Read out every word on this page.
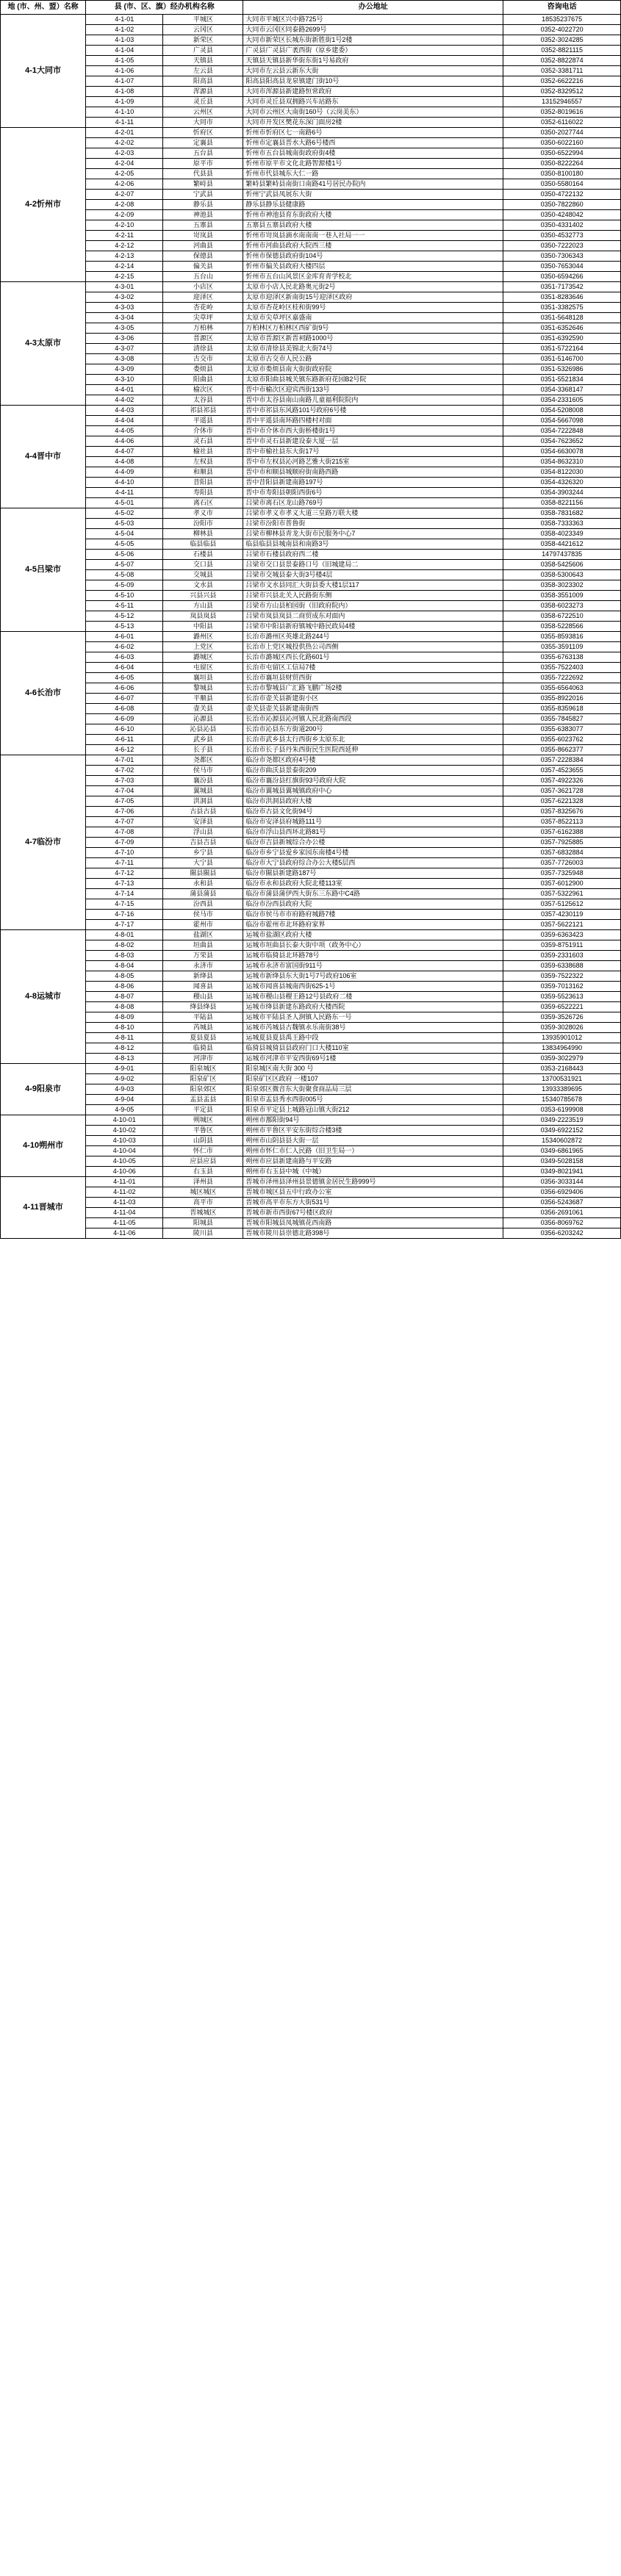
地 (市、州、盟）名称	县 (市、区、旗）经办机构名称		办公地址	咨询电话
4-1大同市	4-1-01	平城区	大同市平城区兴中路725号	18535237675
	4-1-02	云冈区	大同市云冈区同泰路2699号	0352-4022720
	4-1-03	新荣区	大同市新荣区长城东街新胜街1号2楼	0352-3024285
	4-1-04	广灵县	广灵县广灵县广袤西街（原乡建委）	0352-8821115
	4-1-05	天镇县	天镇县天镇县新华街东街1号易政府	0352-8822874
	4-1-06	左云县	大同市左云县云新东大街	0352-3381711
	4-1-07	阳高县	阳高县阳高县龙泉镇建门街10号	0352-6622216
	4-1-08	浑源县	大同市浑源县新建路恒常政府	0352-8329512
	4-1-09	灵丘县	大同市灵丘县双拥路兴车站路东	13152946557
	4-1-10	云州区	大同市云州区大南街160号（云岗美东）	0352-8019616
	4-1-11	大同市	大同市开发区樊花东深门面房2楼	0352-6116022
4-2忻州市	4-2-01	忻府区	忻州市忻府区七一南路6号	0350-2027744
	4-2-02	定襄县	忻州市定襄县晋水大路6号楼西	0350-6022160
	4-2-03	五台县	忻州市五台县城南街政府街4楼	0350-6522994
	4-2-04	原平市	忻州市原平市文化北路智源楼1号	0350-8222264
	4-2-05	代县县	忻州市代县城东大仁一路	0350-8100180
	4-2-06	繁峙县	繁峙县繁峙县南街口南路41号居民办院内	0350-5580164
	4-2-07	宁武县	忻州宁武县凤展东大街	0350-4722132
	4-2-08	静乐县	静乐县静乐县健康路	0350-7822860
	4-2-09	神池县	忻州市神池县育东街政府大楼	0350-4248042
	4-2-10	五寨县	五寨县五寨县政府大楼	0350-4331402
	4-2-11	岢岚县	忻州市岢岚县滴水南南南一巷人社局一一	0350-4532773
	4-2-12	河曲县	忻州市河曲县政府大院西三楼	0350-7222023
	4-2-13	保德县	忻州市保德县政府街104号	0350-7306343
	4-2-14	偏关县	忻州市偏关县政府大楼四层	0350-7653044
	4-2-15	五台山	忻州市五台山风景区金库育青学校北	0350-6594266
4-3太原市	4-3-01	小店区	太原市小店人民北路奥元街2号	0351-7173542
	4-3-02	迎泽区	太原市迎泽区新南街15号迎泽区政府	0351-8283646
	4-3-03	杏花岭	太原市杏花岭区桂和街99号	0351-3382575
	4-3-04	尖草坪	太原市尖草坪区嘉盛南	0351-5648128
	4-3-05	万柏林	万柏林区万柏林区西矿街9号	0351-6352646
	4-3-06	晋源区	太原市晋源区新晋祠路1000号	0351-6392590
	4-3-07	清徐县	太原市清徐县美锦北大街74号	0351-5722164
	4-3-08	古交市	太原市古交市人民公路	0351-5146700
	4-3-09	娄烦县	太原市娄烦县南大街街政府院	0351-5326986
	4-3-10	阳曲县	太原市阳曲县城关镇东路新府花园B2号院	0351-5521834
	4-4-01	榆次区	晋中市榆次区迎宾西街133号	0354-3368147
	4-4-02	太谷县	晋中市太谷县南山南路儿童福利院院内	0354-2331605
4-4晋中市	4-4-03	祁县祁县	晋中市祁县东风路101号政府6号楼	0354-5208008
	4-4-04	平遥县	晋中平遥县南环路四楼村对面	0354-5667098
	4-4-05	介休市	晋中市介休市西大街桥楼街1号	0354-7222848
	4-4-06	灵石县	晋中市灵石县新建设泰大厦一层	0354-7623652
	4-4-07	榆社县	晋中市榆社县东大街17号	0354-6630078
	4-4-08	左权县	晋中市左权县沁河路艺雅大街215室	0354-8632310
	4-4-09	和顺县	晋中市和顺县城顺府街南路西路	0354-8122030
	4-4-10	昔阳县	晋中昔阳县新建南路197号	0354-4326320
	4-4-11	寿阳县	晋中市寿阳县朝阳西街6号	0354-3903244
	4-5-01	离石区	吕梁市离石区龙山路769号	0358-8221156
4-5吕梁市	4-5-02	孝义市	吕梁市孝义市孝义大道三皇路万联大楼	0358-7831682
	4-5-03	汾阳市	吕梁市汾阳市普鲁街	0358-7333363
	4-5-04	柳林县	吕梁市柳林县青龙大街市民服务中心7	0358-4023349
	4-5-05	临县临县	临县临县县城南县和南路3号	0358-4421612
	4-5-06	石楼县	吕梁市石楼县政府西二楼	14797437835
	4-5-07	交口县	吕梁市交口县景泰路口号（旧城建局二	0358-5425606
	4-5-08	交城县	吕梁市交城县泰大街3号楼4层	0358-5300643
	4-5-09	文水县	吕梁市文水县同汇大街县委大楼1层117	0358-3023302
	4-5-10	兴县兴县	吕梁市兴县北关人民路街东侧	0358-3551009
	4-5-11	方山县	吕梁市方山县柏园街（旧政府院内）	0358-6023273
	4-5-12	岚县岚县	吕梁市岚县岚县二商贸成东对面内	0358-6722510
	4-5-13	中阳县	吕梁市中阳县新府镇城中路民政局4楼	0358-5228566
4-6长治市	4-6-01	潞州区	长治市潞州区英雄北路244号	0355-8593816
	4-6-02	上党区	长治市上党区城投供热公司西侧	0355-3591109
	4-6-03	潞城区	长治市潞城区西长化路601号	0355-6763138
	4-6-04	屯留区	长治市屯留区工信局7楼	0355-7522403
	4-6-05	襄垣县	长治市襄垣县财贸西街	0355-7222692
	4-6-06	黎城县	长治市黎城县广汇路飞鹏广场2楼	0355-6564063
	4-6-07	平顺县	长治市壶关县新建街小区	0355-8922016
	4-6-08	壶关县	壶关县壶关县新建南街西	0355-8359618
	4-6-09	沁源县	长治市沁源县沁河镇人民北路南西段	0355-7845827
	4-6-10	沁县沁县	长治市沁县东方街道200号	0355-6383077
	4-6-11	武乡县	长治市武乡县太行西街乡太原东北	0355-6023762
	4-6-12	长子县	长治市长子县丹朱西街民生医院西延伸	0355-8662377
4-7临汾市	4-7-01	尧都区	临汾市尧都区政府4号楼	0357-2228384
	4-7-02	侯马市	临汾市曲沃县景泰街209	0357-4523655
	4-7-03	襄汾县	临汾市襄汾县红旗街93号政府大院	0357-4922326
	4-7-04	翼城县	临汾市翼城县翼城镇政府中心	0357-3621728
	4-7-05	洪洞县	临汾市洪洞县政府大楼	0357-6221328
	4-7-06	古县古县	临汾市古县文化街94号	0357-8325676
	4-7-07	安泽县	临汾市安泽县府城路111号	0357-8522113
	4-7-08	浮山县	临汾市浮山县西环北路81号	0357-6162388
	4-7-09	吉县吉县	临汾市吉县新城综合办公楼	0357-7925885
	4-7-10	乡宁县	临汾市乡宁县爱乡家园东南楼4号楼	0357-6832884
	4-7-11	大宁县	临汾市大宁县政府综合办公大楼5层西	0357-7726003
	4-7-12	隰县隰县	临汾市隰县新建路187号	0357-7325948
	4-7-13	永和县	临汾市永和县政府大院北楼113室	0357-6012900
	4-7-14	蒲县蒲县	临汾市蒲县蒲伊西大街东三东路中C4路	0357-5322961
	4-7-15	汾西县	临汾市汾西县政府大院	0357-5125612
	4-7-16	侯马市	临汾市侯马市市府路府城路7楼	0357-4230119
	4-7-17	霍州市	临汾市霍州市北环路府家界	0357-5622121
4-8运城市	4-8-01	盐湖区	运城市盐湖区政府大楼	0359-6363423
	4-8-02	垣曲县	运城市垣曲县长泰大街中项（政务中心）	0359-8751911
	4-8-03	万荣县	运城市临猗县北环路78号	0359-2331603
	4-8-04	永济市	运城市永济市富国街911号	0359-6338688
	4-8-05	新绛县	运城市新绛县东大街1号7号政府106室	0359-7522322
	4-8-06	闻喜县	运城市闻喜县城南西街625-1号	0359-7013162
	4-8-07	稷山县	运城市稷山县稷王路12号县政府二楼	0359-5523613
	4-8-08	绛县绛县	运城市绛县新建东路政府大楼西院	0359-6522221
	4-8-09	平陆县	运城市平陆县圣人涧镇人民路东一号	0359-3526726
	4-8-10	芮城县	运城市芮城县古魏镇永乐南街38号	0359-3028026
	4-8-11	夏县夏县	运城夏县夏县禹王路中段	13935901012
	4-8-12	临猗县	临猗县城猗县县政府门口大楼110室	13834964990
	4-8-13	河津市	运城市河津市平安西街69号1楼	0359-3022979
4-9阳泉市	4-9-01	阳泉城区	阳泉城区南大街 300 号	0353-2168443
	4-9-02	阳泉矿区	阳泉矿区区政府 一楼107	13700531921
	4-9-03	阳泉郊区	阳泉郊区微音东大街聚食商品局三层	13933389695
	4-9-04	盂县盂县	阳泉市盂县秀水西街005号	15340785678
	4-9-05	平定县	阳泉市平定县上城路冠山镇大街212	0353-6199908
4-10朔州市	4-10-01	朔城区	朔州市鄯阳街94号	0349-2223519
	4-10-02	平鲁区	朔州市平鲁区平安东街综合楼3楼	0349-6922152
	4-10-03	山阴县	朔州市山阴县县大街一层	15340602872
	4-10-04	怀仁市	朔州市怀仁市仁人民路（旧卫生局一）	0349-6861965
	4-10-05	应县应县	朔州市应县新建南路与平安路	0349-5028158
	4-10-06	右玉县	朔州市右玉县中城（中城）	0349-8021941
4-11晋城市	4-11-01	泽州县	晋城市泽州县泽州县景德镇金居民生路999号	0356-3033144
	4-11-02	城区城区	晋城市城区县五中行政办公室	0356-6929406
	4-11-03	高平市	晋城市高平市东方大街531号	0356-5243687
	4-11-04	晋城城区	晋城市新市西街67号楼区政府	0356-2691061
	4-11-05	阳城县	晋城市阳城县凤城镇花西南路	0356-8069762
	4-11-06	陵川县	晋城市陵川县崇德北路398号	0356-6203242
